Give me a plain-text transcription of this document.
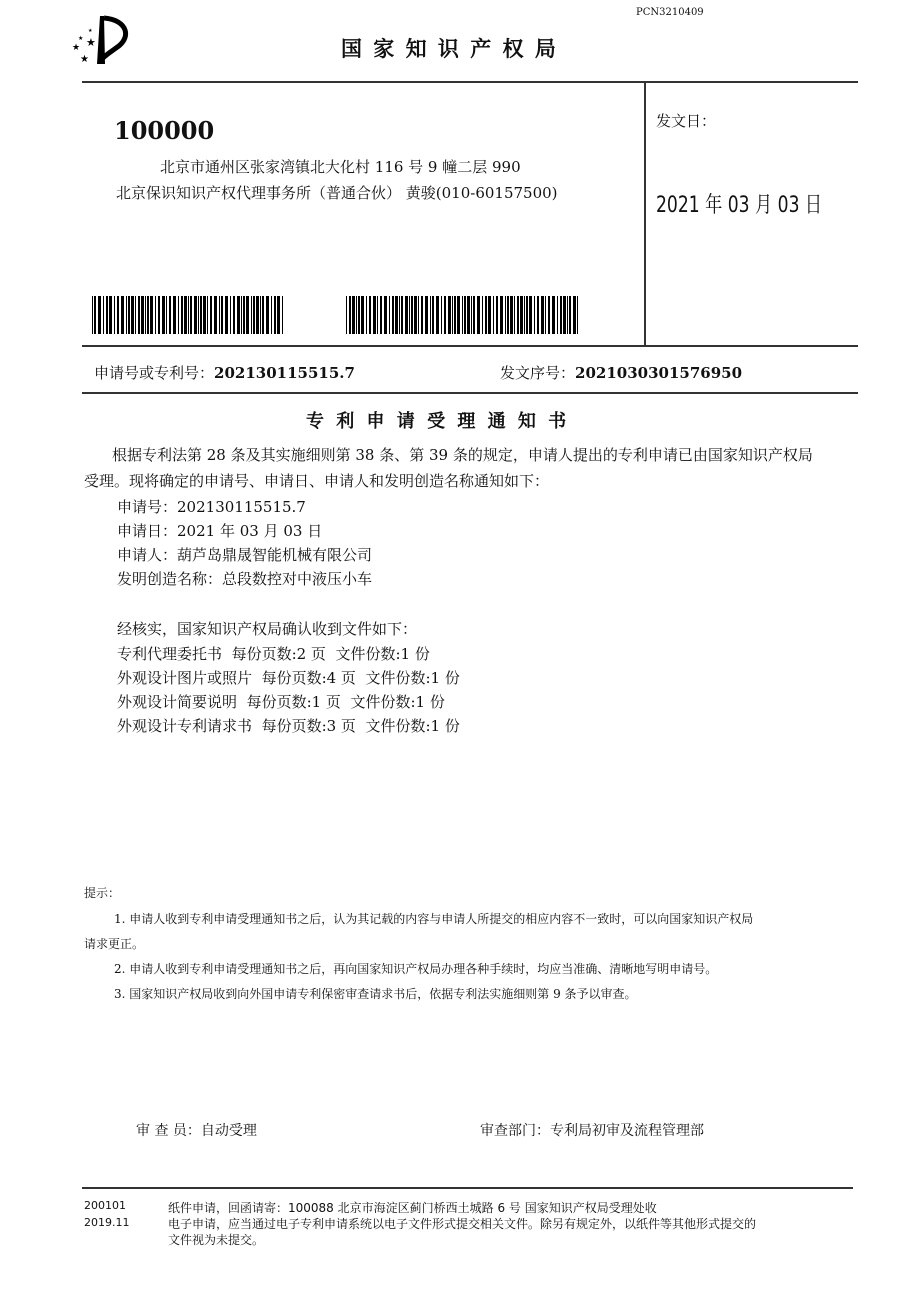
★
★
★
★
★
PCN3210409
国 家 知 识 产 权 局
100000
北京市通州区张家湾镇北大化村 116 号 9 幢二层 990
北京保识知识产权代理事务所（普通合伙） 黄骏(010-60157500)
发文日：
2021 年 03 月 03 日
申请号或专利号：202130115515.7	发文序号：2021030301576950
专 利 申 请 受 理 通 知 书
根据专利法第 28 条及其实施细则第 38 条、第 39 条的规定，申请人提出的专利申请已由国家知识产权局
受理。现将确定的申请号、申请日、申请人和发明创造名称通知如下：
申请号：202130115515.7
申请日：2021 年 03 月 03 日
申请人：葫芦岛鼎晟智能机械有限公司
发明创造名称：总段数控对中液压小车
经核实，国家知识产权局确认收到文件如下：
专利代理委托书 每份页数:2 页 文件份数:1 份
外观设计图片或照片 每份页数:4 页 文件份数:1 份
外观设计简要说明 每份页数:1 页 文件份数:1 份
外观设计专利请求书 每份页数:3 页 文件份数:1 份
提示：
1. 申请人收到专利申请受理通知书之后，认为其记载的内容与申请人所提交的相应内容不一致时，可以向国家知识产权局
请求更正。
2. 申请人收到专利申请受理通知书之后，再向国家知识产权局办理各种手续时，均应当准确、清晰地写明申请号。
3. 国家知识产权局收到向外国申请专利保密审查请求书后，依据专利法实施细则第 9 条予以审查。
审 查 员：自动受理	审查部门：专利局初审及流程管理部
200101
2019.11
纸件申请，回函请寄：100088 北京市海淀区蓟门桥西土城路 6 号 国家知识产权局受理处收
电子申请，应当通过电子专利申请系统以电子文件形式提交相关文件。除另有规定外，以纸件等其他形式提交的
文件视为未提交。
